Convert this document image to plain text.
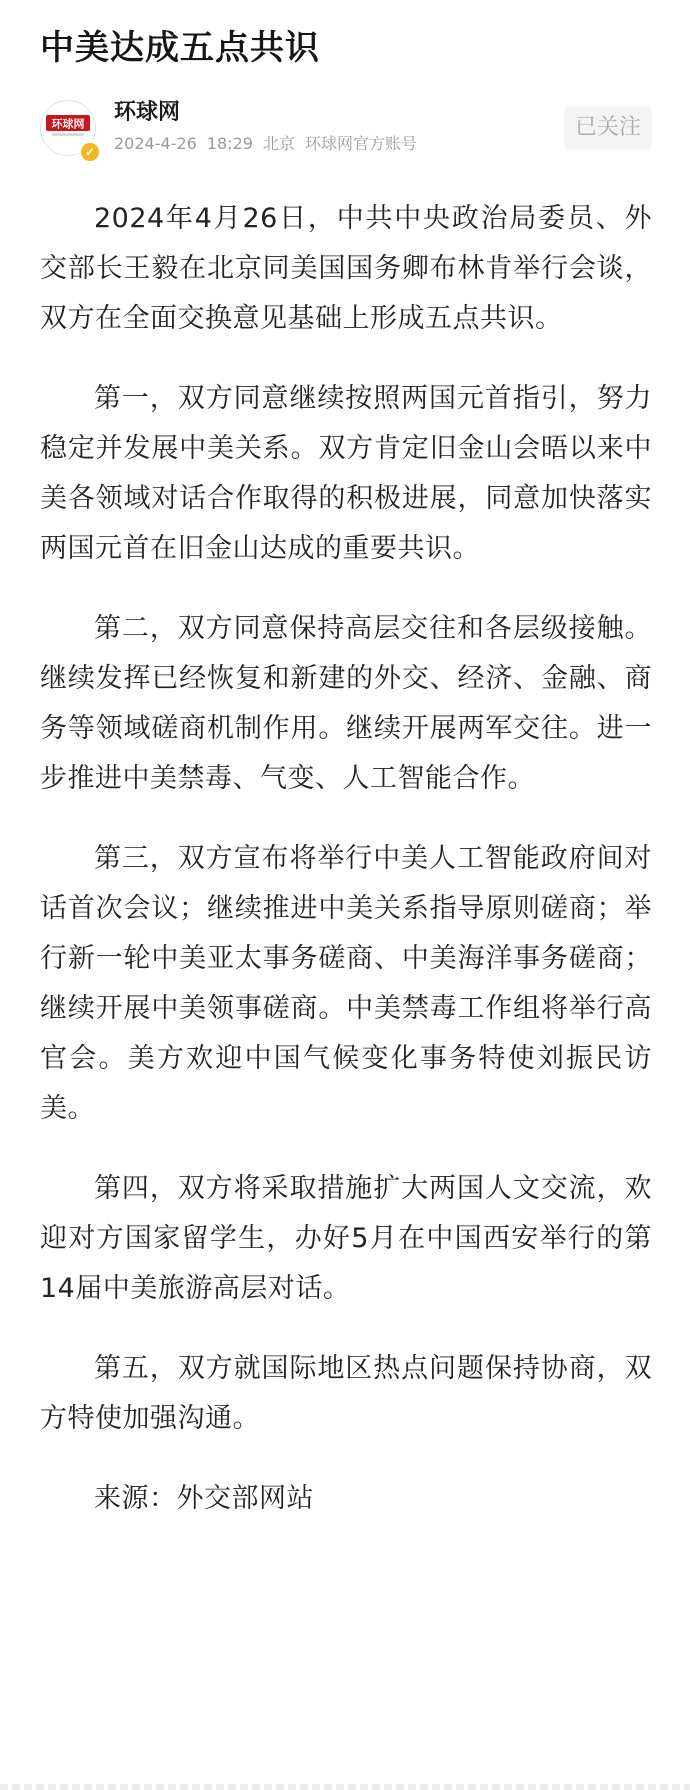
中美达成五点共识
环球网
✓
环球网
2024-4-26 18:29 北京 环球网官方账号
已关注

2024年4月26日，中共中央政治局委员、外交部长王毅在北京同美国国务卿布林肯举行会谈，双方在全面交换意见基础上形成五点共识。

第一，双方同意继续按照两国元首指引，努力稳定并发展中美关系。双方肯定旧金山会晤以来中美各领域对话合作取得的积极进展，同意加快落实两国元首在旧金山达成的重要共识。

第二，双方同意保持高层交往和各层级接触。继续发挥已经恢复和新建的外交、经济、金融、商务等领域磋商机制作用。继续开展两军交往。进一步推进中美禁毒、气变、人工智能合作。

第三，双方宣布将举行中美人工智能政府间对话首次会议；继续推进中美关系指导原则磋商；举行新一轮中美亚太事务磋商、中美海洋事务磋商；继续开展中美领事磋商。中美禁毒工作组将举行高官会。美方欢迎中国气候变化事务特使刘振民访美。

第四，双方将采取措施扩大两国人文交流，欢迎对方国家留学生，办好5月在中国西安举行的第14届中美旅游高层对话。

第五，双方就国际地区热点问题保持协商，双方特使加强沟通。

来源：外交部网站
